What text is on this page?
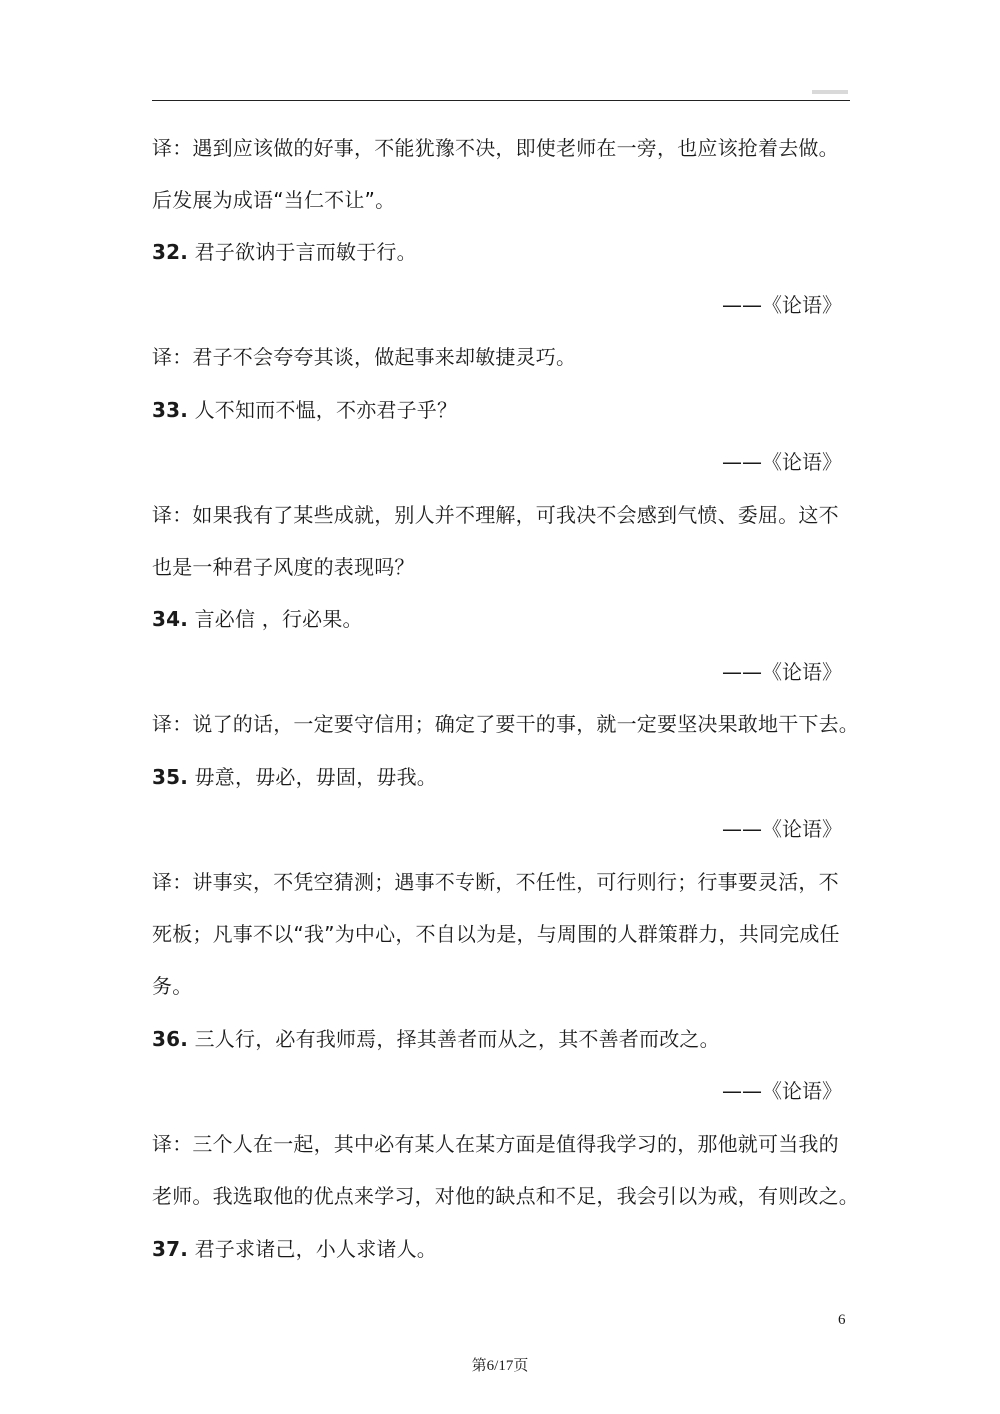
译：遇到应该做的好事，不能犹豫不决，即使老师在一旁，也应该抢着去做。
后发展为成语“当仁不让”。
32. 君子欲讷于言而敏于行。
——《论语》
译：君子不会夸夸其谈，做起事来却敏捷灵巧。
33. 人不知而不愠，不亦君子乎？
——《论语》
译：如果我有了某些成就，别人并不理解，可我决不会感到气愤、委屈。这不
也是一种君子风度的表现吗？
34. 言必信 ，行必果。
——《论语》
译：说了的话，一定要守信用；确定了要干的事，就一定要坚决果敢地干下去。
35. 毋意，毋必，毋固，毋我。
——《论语》
译：讲事实，不凭空猜测；遇事不专断，不任性，可行则行；行事要灵活，不
死板；凡事不以“我”为中心，不自以为是，与周围的人群策群力，共同完成任
务。
36. 三人行，必有我师焉，择其善者而从之，其不善者而改之。
——《论语》
译：三个人在一起，其中必有某人在某方面是值得我学习的，那他就可当我的
老师。我选取他的优点来学习，对他的缺点和不足，我会引以为戒，有则改之。
37. 君子求诸己，小人求诸人。
6
第6/17页
